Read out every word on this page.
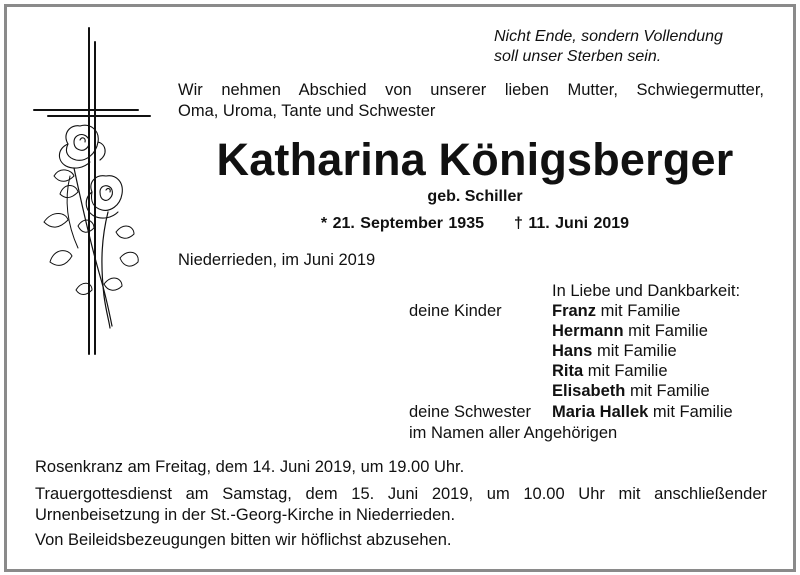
Nicht Ende, sondern Vollendung
soll unser Sterben sein.
Wir nehmen Abschied von unserer lieben Mutter, Schwiegermutter,
Oma, Uroma, Tante und Schwester
Katharina Königsberger
geb. Schiller
* 21. September 1935 † 11. Juni 2019
Niederrieden, im Juni 2019
In Liebe und Dankbarkeit:
deine Kinder	Franz mit Familie
Hermann mit Familie
Hans mit Familie
Rita mit Familie
Elisabeth mit Familie
deine Schwester Maria Hallek mit Familie
im Namen aller Angehörigen
Rosenkranz am Freitag, dem 14. Juni 2019, um 19.00 Uhr.
Trauergottesdienst am Samstag, dem 15. Juni 2019, um 10.00 Uhr mit anschließender
Urnenbeisetzung in der St.-Georg-Kirche in Niederrieden.
Von Beileidsbezeugungen bitten wir höflichst abzusehen.
